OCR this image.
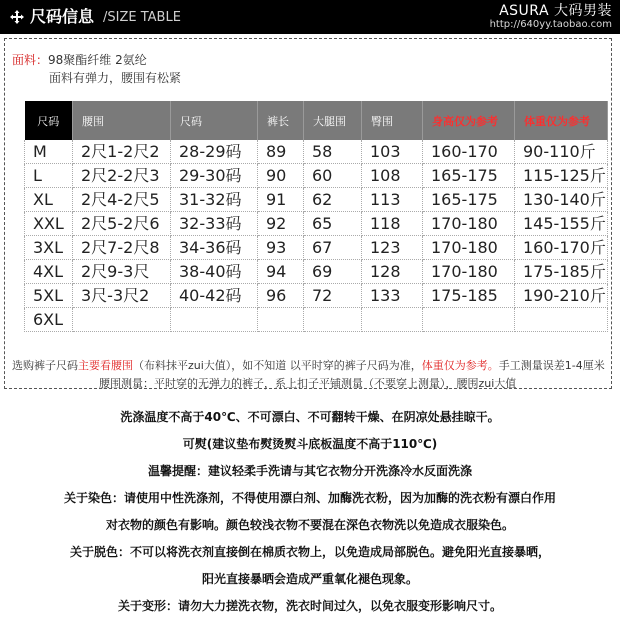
尺码信息 /SIZE TABLE	ASURA 大码男装
http://640yy.taobao.com
面料：98聚酯纤维 2氨纶
面料有弹力，腰围有松紧
尺码	腰围	尺码	裤长	大腿围	臀围	身高仅为参考	体重仅为参考
M	2尺1-2尺2	28-29码	89	58	103	160-170	90-110斤
L	2尺2-2尺3	29-30码	90	60	108	165-175	115-125斤
XL	2尺4-2尺5	31-32码	91	62	113	165-175	130-140斤
XXL	2尺5-2尺6	32-33码	92	65	118	170-180	145-155斤
3XL	2尺7-2尺8	34-36码	93	67	123	170-180	160-170斤
4XL	2尺9-3尺	38-40码	94	69	128	170-180	175-185斤
5XL	3尺-3尺2	40-42码	96	72	133	175-185	190-210斤
6XL							
选购裤子尺码主要看腰围（布料抹平zui大值），如不知道 以平时穿的裤子尺码为准，体重仅为参考。手工测量误差1-4厘米
腰围测量：平时穿的无弹力的裤子，系上扣子平铺测量（不要穿上测量），腰围zui大值
洗涤温度不高于40℃、不可漂白、不可翻转干燥、在阴凉处悬挂晾干。
可熨(建议垫布熨烫熨斗底板温度不高于110℃)
温馨提醒：建议轻柔手洗请与其它衣物分开洗涤冷水反面洗涤
关于染色：请使用中性洗涤剂，不得使用漂白剂、加酶洗衣粉，因为加酶的洗衣粉有漂白作用
对衣物的颜色有影响。颜色较浅衣物不要混在深色衣物洗以免造成衣服染色。
关于脱色：不可以将洗衣剂直接倒在棉质衣物上，以免造成局部脱色。避免阳光直接暴晒，
阳光直接暴晒会造成严重氧化褪色现象。
关于变形：请勿大力搓洗衣物，洗衣时间过久，以免衣服变形影响尺寸。
